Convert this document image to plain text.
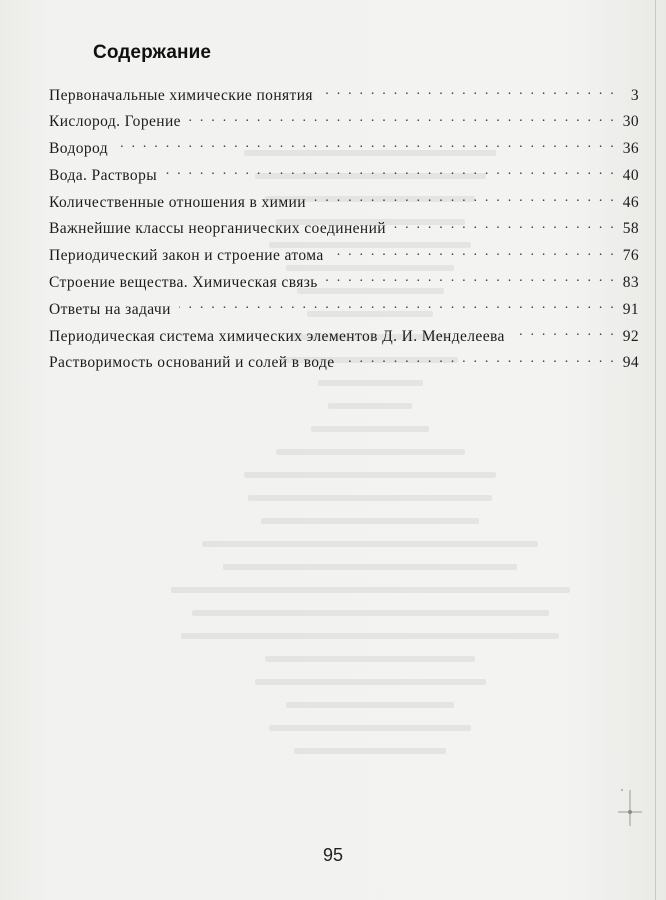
Содержание
Первоначальные химические понятия . . .	3
Кислород. Горение . . .	30
Водород . . .	36
Вода. Растворы . . .	40
Количественные отношения в химии . . .	46
Важнейшие классы неорганических соединений . . .	58
Периодический закон и строение атома . . .	76
Строение вещества. Химическая связь . . .	83
Ответы на задачи . . .	91
Периодическая система химических элементов Д. И. Менделеева . . .	92
Растворимость оснований и солей в воде . . .	94
95
